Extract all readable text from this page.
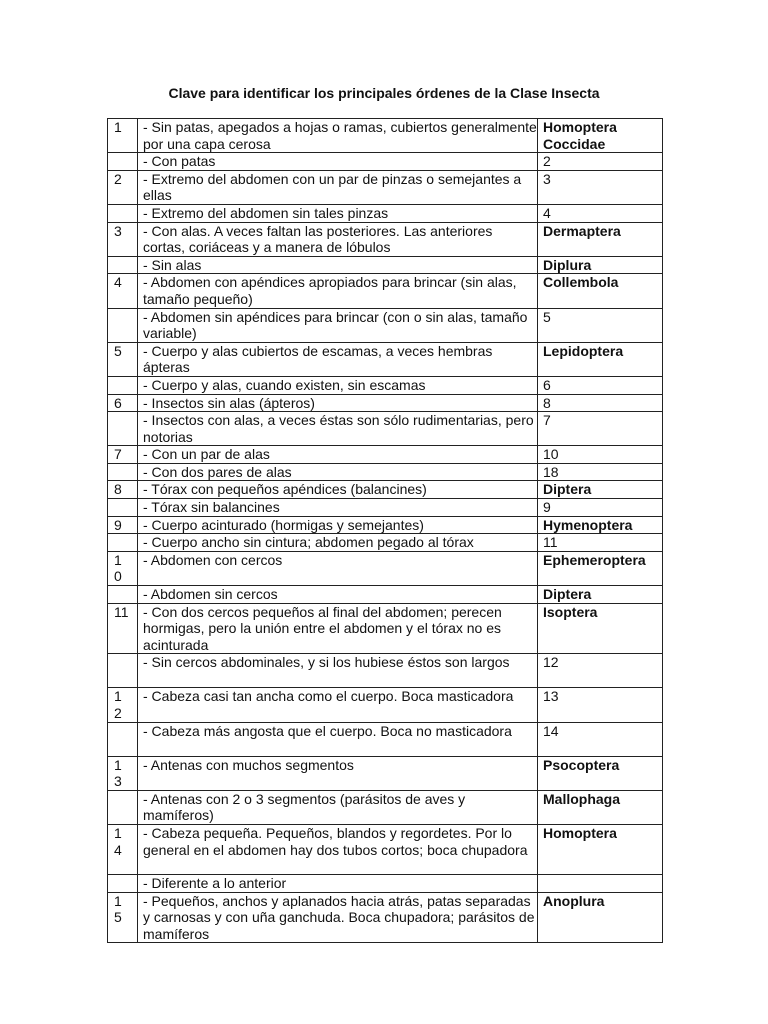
Clave para identificar los principales órdenes de la Clase Insecta
1	- Sin patas, apegados a hojas o ramas, cubiertos generalmente por una capa cerosa	Homoptera Coccidae
	- Con patas	2
2	- Extremo del abdomen con un par de pinzas o semejantes a ellas	3
	- Extremo del abdomen sin tales pinzas	4
3	- Con alas. A veces faltan las posteriores. Las anteriores cortas, coriáceas y a manera de lóbulos	Dermaptera
	- Sin alas	Diplura
4	- Abdomen con apéndices apropiados para brincar (sin alas, tamaño pequeño)	Collembola
	- Abdomen sin apéndices para brincar (con o sin alas, tamaño variable)	5
5	- Cuerpo y alas cubiertos de escamas, a veces hembras ápteras	Lepidoptera
	- Cuerpo y alas, cuando existen, sin escamas	6
6	- Insectos sin alas (ápteros)	8
	- Insectos con alas, a veces éstas son sólo rudimentarias, pero notorias	7
7	- Con un par de alas	10
	- Con dos pares de alas	18
8	- Tórax con pequeños apéndices (balancines)	Diptera
	- Tórax sin balancines	9
9	- Cuerpo acinturado (hormigas y semejantes)	Hymenoptera
	- Cuerpo ancho sin cintura; abdomen pegado al tórax	11
10	- Abdomen con cercos	Ephemeroptera
	- Abdomen sin cercos	Diptera
11	- Con dos cercos pequeños al final del abdomen; perecen hormigas, pero la unión entre el abdomen y el tórax no es acinturada	Isoptera
	- Sin cercos abdominales, y si los hubiese éstos son largos	12
12	- Cabeza casi tan ancha como el cuerpo. Boca masticadora	13
	- Cabeza más angosta que el cuerpo. Boca no masticadora	14
13	- Antenas con muchos segmentos	Psocoptera
	- Antenas con 2 o 3 segmentos (parásitos de aves y mamíferos)	Mallophaga
14	- Cabeza pequeña. Pequeños, blandos y regordetes. Por lo general en el abdomen hay dos tubos cortos; boca chupadora	Homoptera
	- Diferente a lo anterior	
15	- Pequeños, anchos y aplanados hacia atrás, patas separadas y carnosas y con uña ganchuda. Boca chupadora; parásitos de mamíferos	Anoplura
